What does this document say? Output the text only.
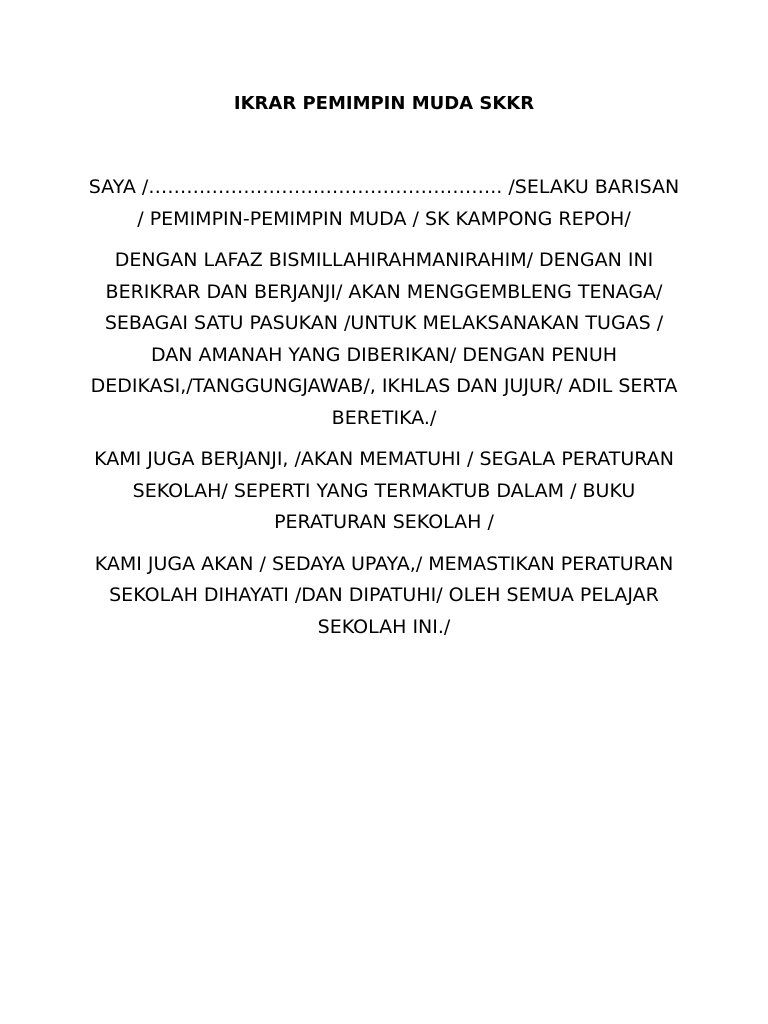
IKRAR PEMIMPIN MUDA SKKR

SAYA /……………………………………………….. /SELAKU BARISAN / PEMIMPIN-PEMIMPIN MUDA / SK KAMPONG REPOH/

DENGAN LAFAZ BISMILLAHIRAHMANIRAHIM/ DENGAN INI BERIKRAR DAN BERJANJI/ AKAN MENGGEMBLENG TENAGA/ SEBAGAI SATU PASUKAN /UNTUK MELAKSANAKAN TUGAS / DAN AMANAH YANG DIBERIKAN/ DENGAN PENUH DEDIKASI,/TANGGUNGJAWAB/, IKHLAS DAN JUJUR/ ADIL SERTA BERETIKA./

KAMI JUGA BERJANJI, /AKAN MEMATUHI / SEGALA PERATURAN SEKOLAH/ SEPERTI YANG TERMAKTUB DALAM / BUKU PERATURAN SEKOLAH /

KAMI JUGA AKAN / SEDAYA UPAYA,/ MEMASTIKAN PERATURAN SEKOLAH DIHAYATI /DAN DIPATUHI/ OLEH SEMUA PELAJAR SEKOLAH INI./
